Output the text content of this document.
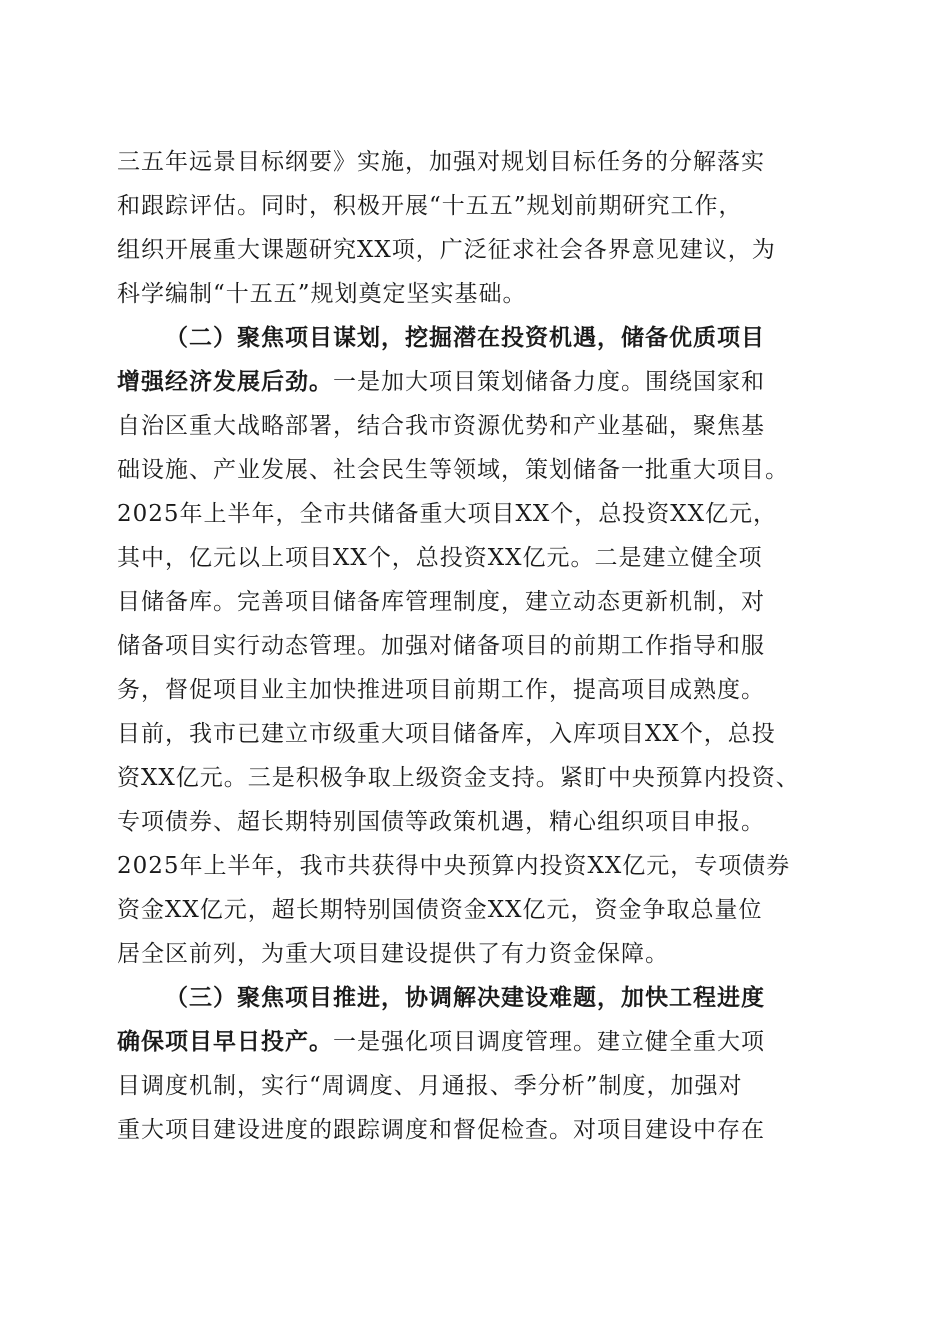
三五年远景目标纲要》实施，加强对规划目标任务的分解落实
和跟踪评估。同时，积极开展“十五五”规划前期研究工作，
组织开展重大课题研究XX项，广泛征求社会各界意见建议，为
科学编制“十五五”规划奠定坚实基础。
（二）聚焦项目谋划，挖掘潜在投资机遇，储备优质项目
增强经济发展后劲。一是加大项目策划储备力度。围绕国家和
自治区重大战略部署，结合我市资源优势和产业基础，聚焦基
础设施、产业发展、社会民生等领域，策划储备一批重大项目。
2025年上半年，全市共储备重大项目XX个，总投资XX亿元，
其中，亿元以上项目XX个，总投资XX亿元。二是建立健全项
目储备库。完善项目储备库管理制度，建立动态更新机制，对
储备项目实行动态管理。加强对储备项目的前期工作指导和服
务，督促项目业主加快推进项目前期工作，提高项目成熟度。
目前，我市已建立市级重大项目储备库，入库项目XX个，总投
资XX亿元。三是积极争取上级资金支持。紧盯中央预算内投资、
专项债券、超长期特别国债等政策机遇，精心组织项目申报。
2025年上半年，我市共获得中央预算内投资XX亿元，专项债券
资金XX亿元，超长期特别国债资金XX亿元，资金争取总量位
居全区前列，为重大项目建设提供了有力资金保障。
（三）聚焦项目推进，协调解决建设难题，加快工程进度
确保项目早日投产。一是强化项目调度管理。建立健全重大项
目调度机制，实行“周调度、月通报、季分析”制度，加强对
重大项目建设进度的跟踪调度和督促检查。对项目建设中存在
